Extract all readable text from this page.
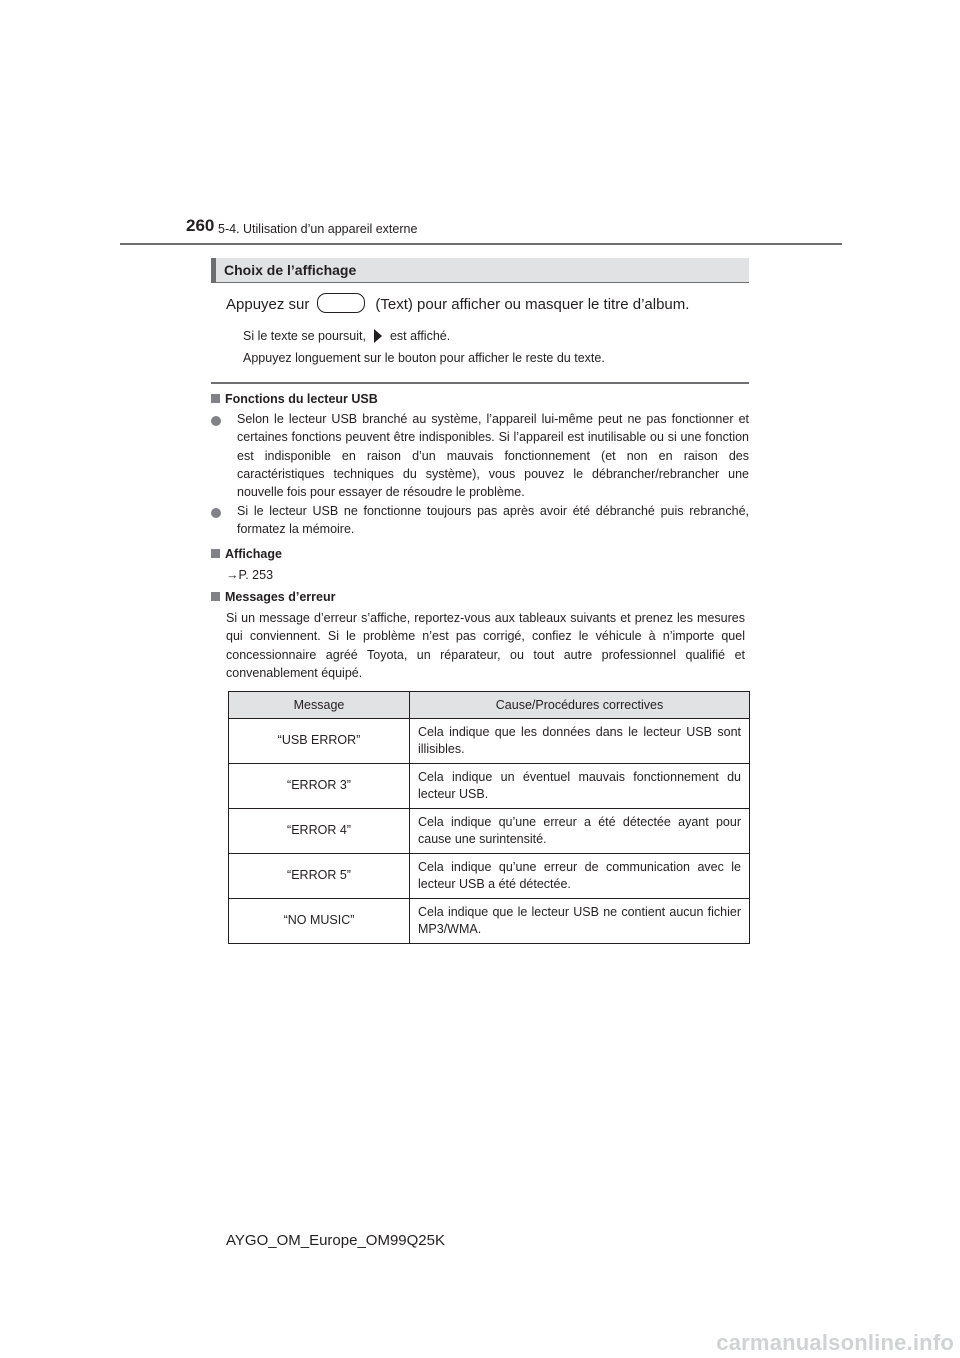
260 5-4. Utilisation d’un appareil externe
Choix de l’affichage
Appuyez sur	(Text) pour afficher ou masquer le titre d’album.
Si le texte se poursuit, est affiché.
Appuyez longuement sur le bouton pour afficher le reste du texte.
Fonctions du lecteur USB
Selon le lecteur USB branché au système, l’appareil lui-même peut ne pas fonctionner et certaines fonctions peuvent être indisponibles. Si l’appareil est inutilisable ou si une fonction est indisponible en raison d’un mauvais fonctionnement (et non en raison des caractéristiques techniques du système), vous pouvez le débrancher/rebrancher une nouvelle fois pour essayer de résoudre le problème.
Si le lecteur USB ne fonctionne toujours pas après avoir été débranché puis rebranché, formatez la mémoire.
Affichage
→P. 253
Messages d’erreur
Si un message d’erreur s’affiche, reportez-vous aux tableaux suivants et prenez les mesures qui conviennent. Si le problème n’est pas corrigé, confiez le véhicule à n’importe quel concessionnaire agréé Toyota, un réparateur, ou tout autre professionnel qualifié et convenablement équipé.
Message	Cause/Procédures correctives
“USB ERROR”	Cela indique que les données dans le lecteur USB sont illisibles.
“ERROR 3”	Cela indique un éventuel mauvais fonctionnement du lecteur USB.
“ERROR 4”	Cela indique qu’une erreur a été détectée ayant pour cause une surintensité.
“ERROR 5”	Cela indique qu’une erreur de communication avec le lecteur USB a été détectée.
“NO MUSIC”	Cela indique que le lecteur USB ne contient aucun fichier MP3/WMA.
AYGO_OM_Europe_OM99Q25K
carmanualsonline.info
